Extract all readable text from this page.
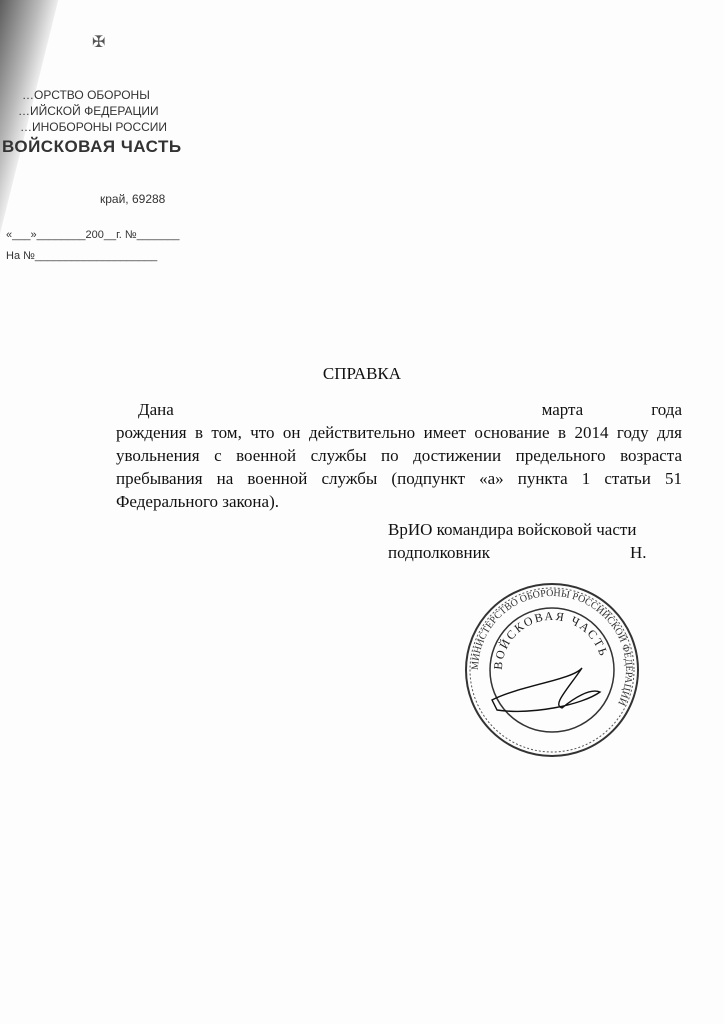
✠
…ОРСТВО ОБОРОНЫ
…ИЙСКОЙ ФЕДЕРАЦИИ
…ИНОБОРОНЫ РОССИИ
ВОЙСКОВАЯ ЧАСТЬ
край, 69288
«___»________200__г. №_______
На №____________________
СПРАВКА
Дана	марта	года
рождения в том, что он действительно имеет основание в 2014 году для увольнения с военной службы по достижении предельного возраста пребывания на военной службы (подпункт «а» пункта 1 статьи 51 Федерального закона).
ВрИО командира войсковой части
подполковник	Н.
МИНИСТЕРСТВО ОБОРОНЫ РОССИЙСКОЙ ФЕДЕРАЦИИ
ВОЙСКОВАЯ ЧАСТЬ
